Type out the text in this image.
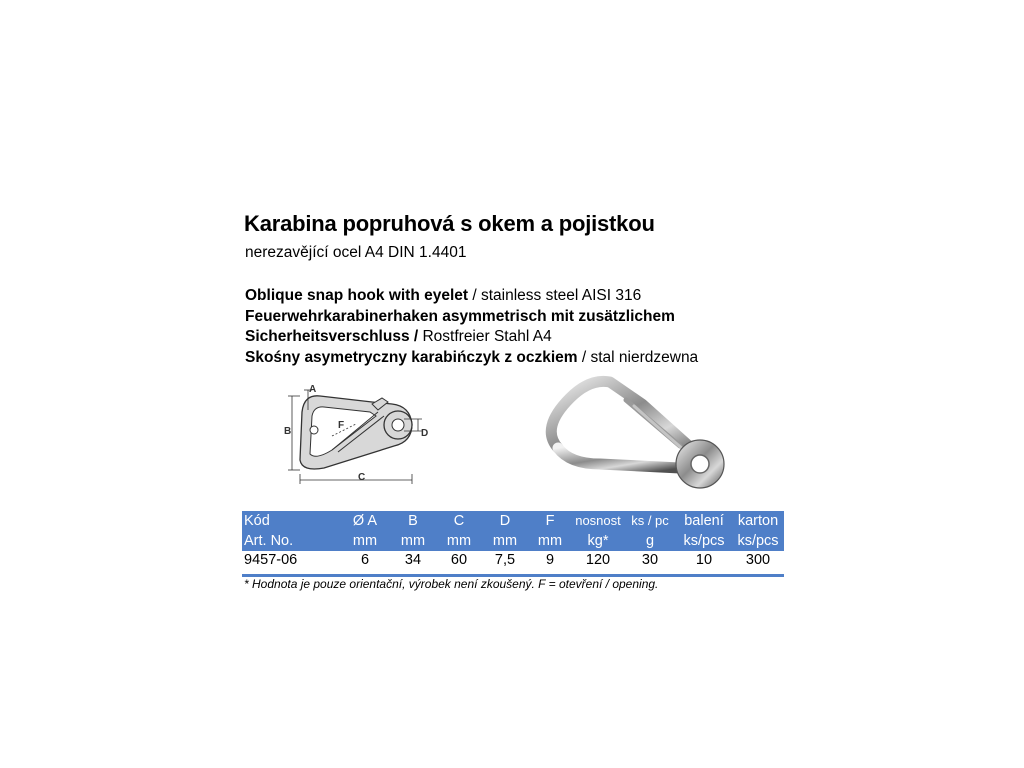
Karabina popruhová s okem a pojistkou
nerezavějící ocel A4 DIN 1.4401
Oblique snap hook with eyelet / stainless steel AISI 316
Feuerwehrkarabinerhaken asymmetrisch mit zusätzlichem
Sicherheitsverschluss / Rostfreier Stahl A4
Skośny asymetryczny karabińczyk z oczkiem / stal nierdzewna
A
B
F
C
D
Kód	Ø A	B	C	D	F	nosnost	ks / pc	balení	karton
Art. No.	mm	mm	mm	mm	mm	kg*	g	ks/pcs	ks/pcs
9457-06	6	34	60	7,5	9	120	30	10	300
* Hodnota je pouze orientační, výrobek není zkoušený. F = otevření / opening.
